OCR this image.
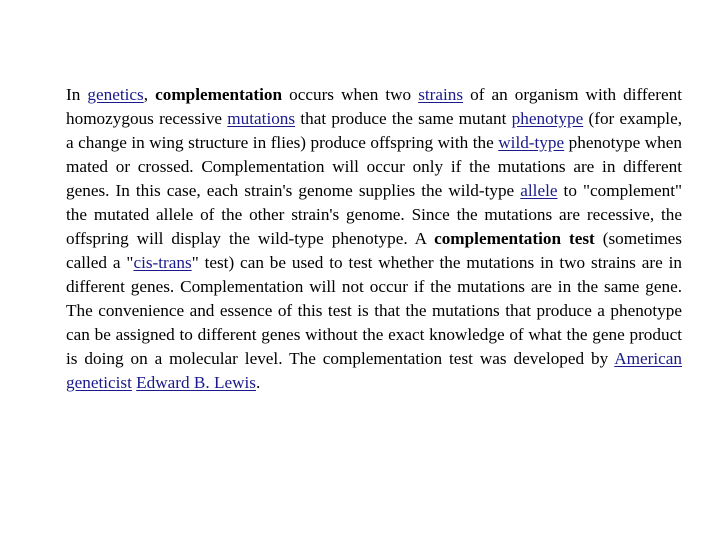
In genetics, complementation occurs when two strains of an organism with different homozygous recessive mutations that produce the same mutant phenotype (for example, a change in wing structure in flies) produce offspring with the wild-type phenotype when mated or crossed. Complementation will occur only if the mutations are in different genes. In this case, each strain's genome supplies the wild-type allele to "complement" the mutated allele of the other strain's genome. Since the mutations are recessive, the offspring will display the wild-type phenotype. A complementation test (sometimes called a "cis-trans" test) can be used to test whether the mutations in two strains are in different genes. Complementation will not occur if the mutations are in the same gene. The convenience and essence of this test is that the mutations that produce a phenotype can be assigned to different genes without the exact knowledge of what the gene product is doing on a molecular level. The complementation test was developed by American geneticist Edward B. Lewis.
